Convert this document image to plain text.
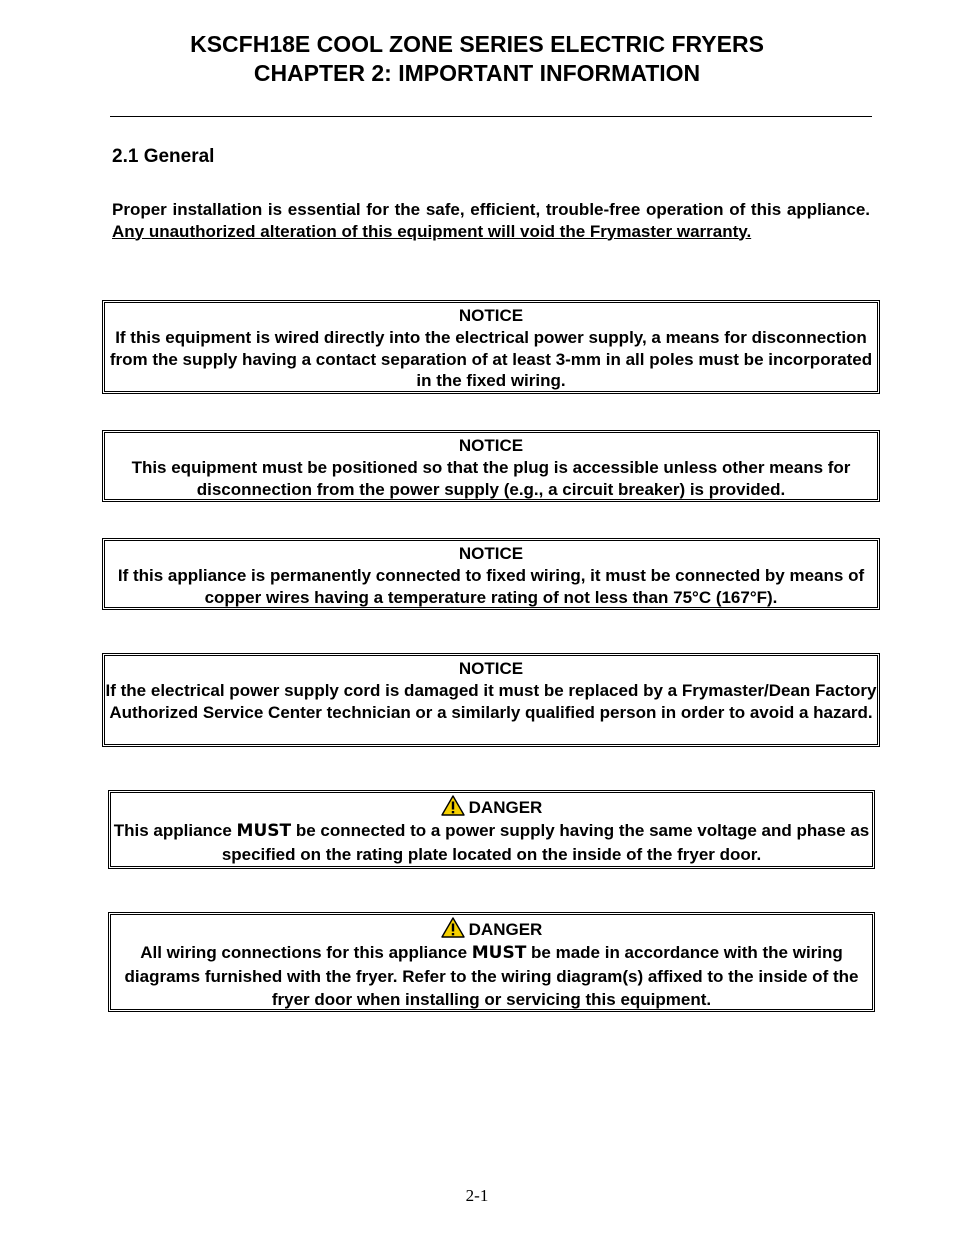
KSCFH18E COOL ZONE SERIES ELECTRIC FRYERS
CHAPTER 2: IMPORTANT INFORMATION
2.1 General
Proper installation is essential for the safe, efficient, trouble-free operation of this appliance. Any unauthorized alteration of this equipment will void the Frymaster warranty.
NOTICE
If this equipment is wired directly into the electrical power supply, a means for disconnection from the supply having a contact separation of at least 3-mm in all poles must be incorporated in the fixed wiring.
NOTICE
This equipment must be positioned so that the plug is accessible unless other means for disconnection from the power supply (e.g., a circuit breaker) is provided.
NOTICE
If this appliance is permanently connected to fixed wiring, it must be connected by means of copper wires having a temperature rating of not less than 75°C (167°F).
NOTICE
If the electrical power supply cord is damaged it must be replaced by a Frymaster/Dean Factory Authorized Service Center technician or a similarly qualified person in order to avoid a hazard.
DANGER
This appliance MUST be connected to a power supply having the same voltage and phase as specified on the rating plate located on the inside of the fryer door.
DANGER
All wiring connections for this appliance MUST be made in accordance with the wiring diagrams furnished with the fryer. Refer to the wiring diagram(s) affixed to the inside of the fryer door when installing or servicing this equipment.
2-1
